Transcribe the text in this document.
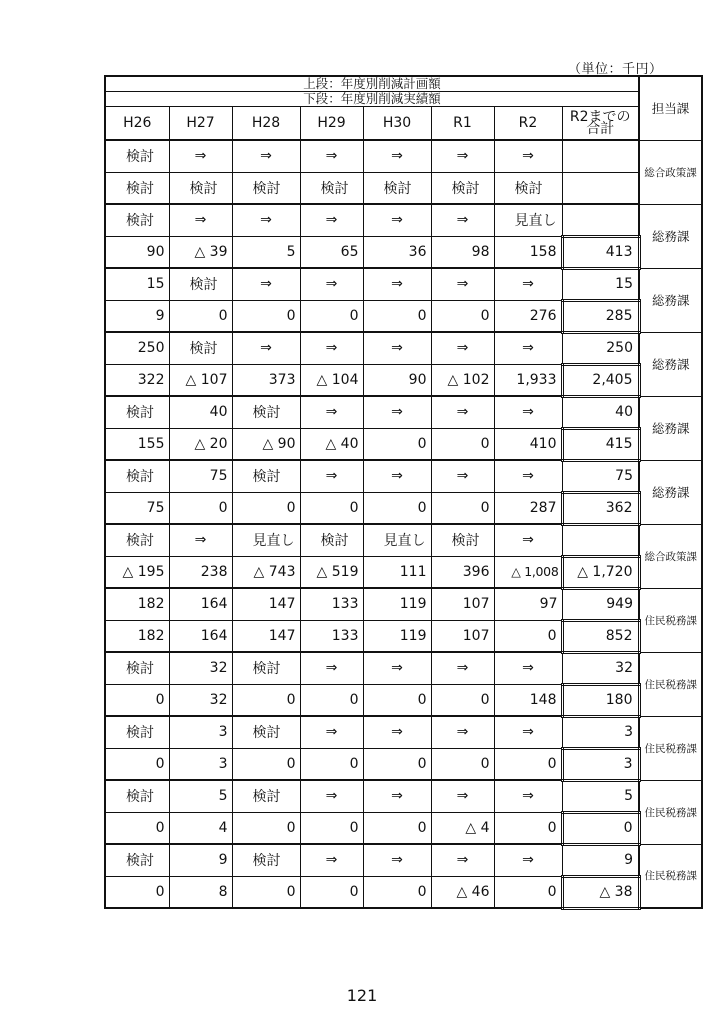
（単位：千円）
上段：年度別削減計画額								担当課
下段：年度別削減実績額								
H26	H27	H28	H29	H30	R1	R2	R2までの
合計	
検討	⇒	⇒	⇒	⇒	⇒	⇒		総合政策課
検討	検討	検討	検討	検討	検討	検討		
検討	⇒	⇒	⇒	⇒	⇒	見直し		総務課
90	△ 39	5	65	36	98	158	413	
15	検討	⇒	⇒	⇒	⇒	⇒	15	総務課
9	0	0	0	0	0	276	285	
250	検討	⇒	⇒	⇒	⇒	⇒	250	総務課
322	△ 107	373	△ 104	90	△ 102	1,933	2,405	
検討	40	検討	⇒	⇒	⇒	⇒	40	総務課
155	△ 20	△ 90	△ 40	0	0	410	415	
検討	75	検討	⇒	⇒	⇒	⇒	75	総務課
75	0	0	0	0	0	287	362	
検討	⇒	見直し	検討	見直し	検討	⇒		総合政策課
△ 195	238	△ 743	△ 519	111	396	△ 1,008	△ 1,720	
182	164	147	133	119	107	97	949	住民税務課
182	164	147	133	119	107	0	852	
検討	32	検討	⇒	⇒	⇒	⇒	32	住民税務課
0	32	0	0	0	0	148	180	
検討	3	検討	⇒	⇒	⇒	⇒	3	住民税務課
0	3	0	0	0	0	0	3	
検討	5	検討	⇒	⇒	⇒	⇒	5	住民税務課
0	4	0	0	0	△ 4	0	0	
検討	9	検討	⇒	⇒	⇒	⇒	9	住民税務課
0	8	0	0	0	△ 46	0	△ 38	
121
